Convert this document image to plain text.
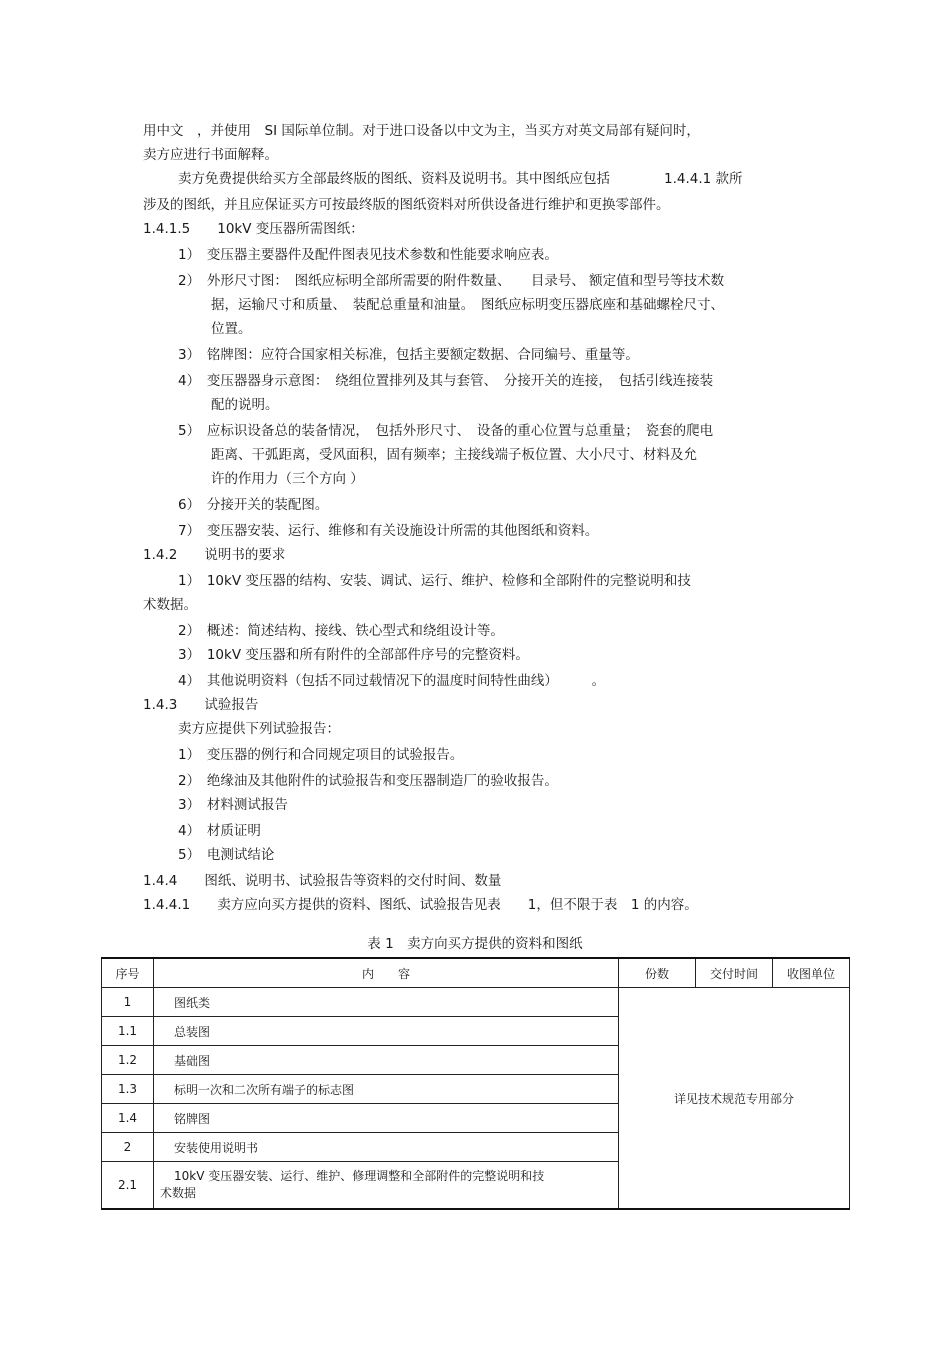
用中文　，并使用　SI 国际单位制。对于进口设备以中文为主，当买方对英文局部有疑问时，
卖方应进行书面解释。
卖方免费提供给买方全部最终版的图纸、资料及说明书。其中图纸应包括　　　　1.4.4.1 款所
涉及的图纸，并且应保证买方可按最终版的图纸资料对所供设备进行维护和更换零部件。
1.4.1.5　　10kV 变压器所需图纸：
1）　变压器主要器件及配件图表见技术参数和性能要求响应表。
2）　外形尺寸图：　图纸应标明全部所需要的附件数量、　　目录号、 额定值和型号等技术数
据，运输尺寸和质量、　装配总重量和油量。　图纸应标明变压器底座和基础螺栓尺寸、
位置。
3）　铭牌图：应符合国家相关标准，包括主要额定数据、合同编号、重量等。
4）　变压器器身示意图：　绕组位置排列及其与套管、　分接开关的连接，　包括引线连接装
配的说明。
5）　应标识设备总的装备情况，　包括外形尺寸、　设备的重心位置与总重量；　瓷套的爬电
距离、干弧距离，受风面积，固有频率；主接线端子板位置、大小尺寸、材料及允
许的作用力（三个方向 ）
6）　分接开关的装配图。
7）　变压器安装、运行、维修和有关设施设计所需的其他图纸和资料。
1.4.2　　说明书的要求
1）　10kV 变压器的结构、安装、调试、运行、维护、检修和全部附件的完整说明和技
术数据。
2）　概述：简述结构、接线、铁心型式和绕组设计等。
3）　10kV 变压器和所有附件的全部部件序号的完整资料。
4）　其他说明资料（包括不同过载情况下的温度时间特性曲线）　　　。
1.4.3　　试验报告
卖方应提供下列试验报告：
1）　变压器的例行和合同规定项目的试验报告。
2）　绝缘油及其他附件的试验报告和变压器制造厂的验收报告。
3）　材料测试报告
4）　材质证明
5）　电测试结论
1.4.4　　图纸、说明书、试验报告等资料的交付时间、数量
1.4.4.1　　卖方应向买方提供的资料、图纸、试验报告见表　　1，但不限于表　1 的内容。
表 1　卖方向买方提供的资料和图纸
序号	内　　容	份数	交付时间	收图单位
1	图纸类	详见技术规范专用部分		
1.1	总装图			
1.2	基础图			
1.3	标明一次和二次所有端子的标志图			
1.4	铭牌图			
2	安装使用说明书			
2.1	10kV 变压器安装、运行、维护、修理调整和全部附件的完整说明和技
术数据			
